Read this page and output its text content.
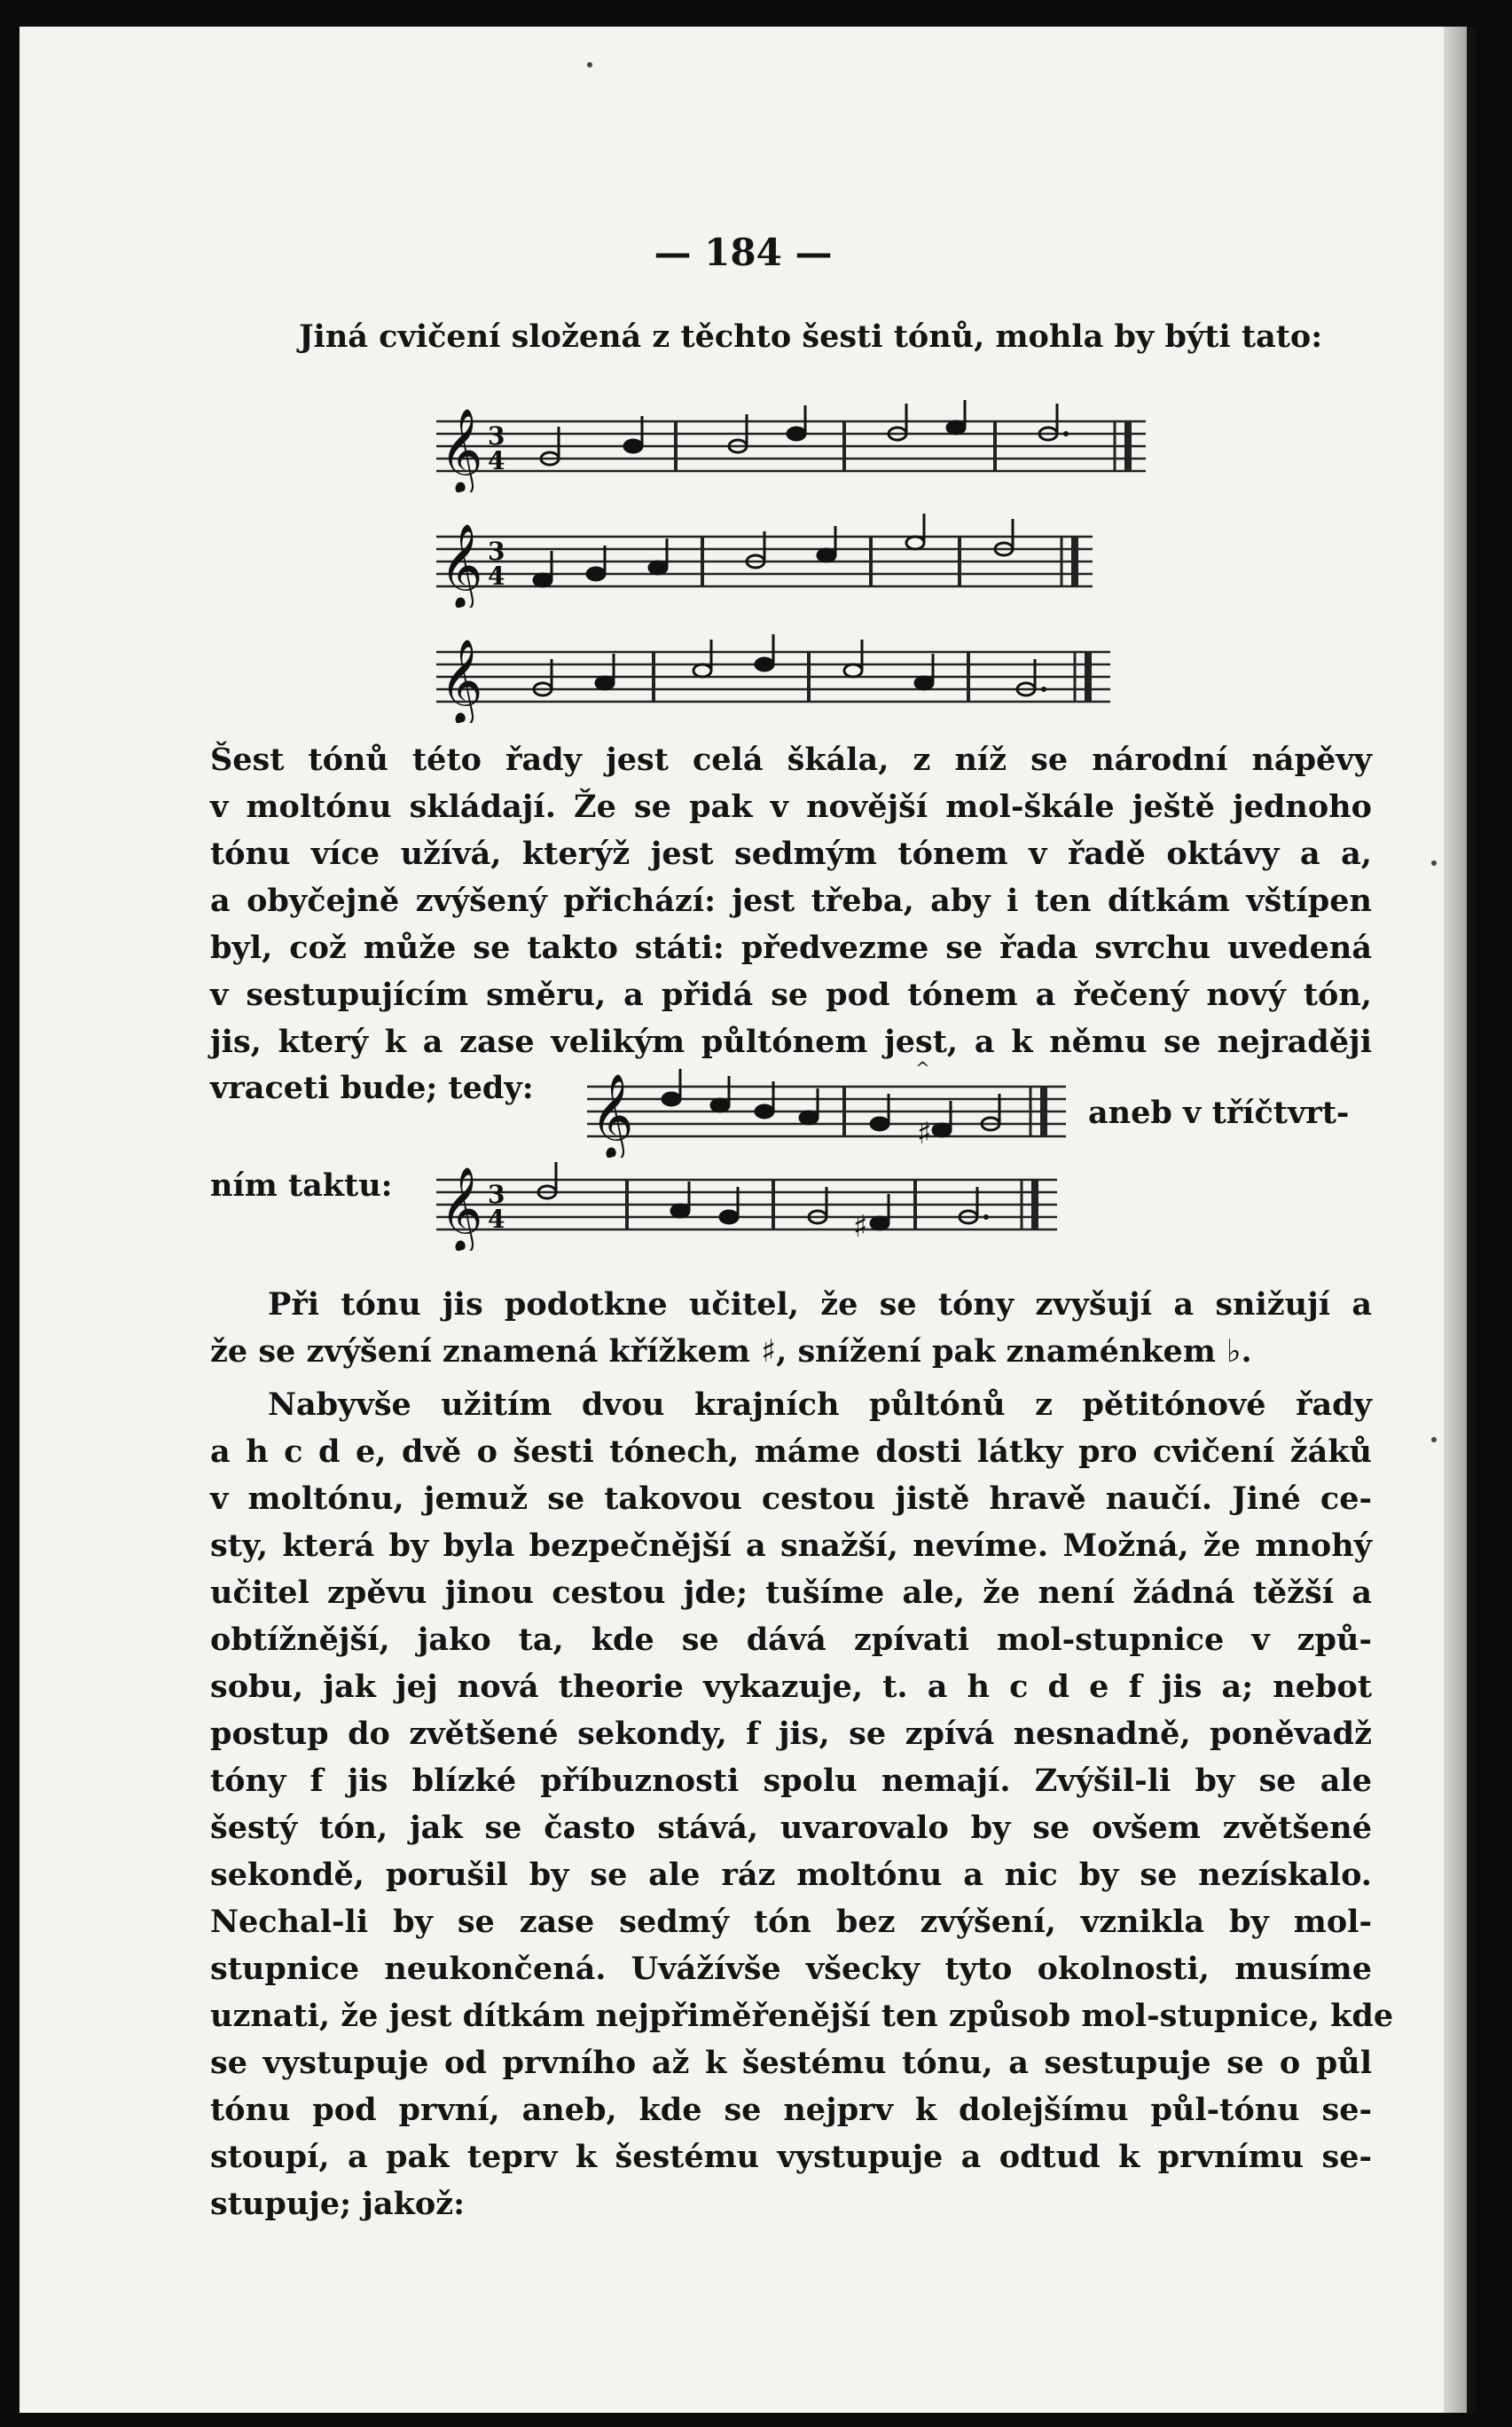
— 184 —
Jiná cvičení složená z těchto šesti tónů, mohla by býti tato:
𝄞 3
4
𝄞 3
4
𝄞
Šest tónů této řady jest celá škála, z níž se národní nápěvy
v moltónu skládají. Že se pak v novější mol-škále ještě jednoho
tónu více užívá, kterýž jest sedmým tónem v řadě oktávy a a,
a obyčejně zvýšený přichází: jest třeba, aby i ten dítkám vštípen
byl, což může se takto státi: předvezme se řada svrchu uvedená
v sestupujícím směru, a přidá se pod tónem a řečený nový tón,
jis, který k a zase velikým půltónem jest, a k němu se nejraději
vraceti bude; tedy:
aneb v tříčtvrt-
ním taktu:
𝄞	♯
^
𝄞 3
4	♯
Při tónu jis podotkne učitel, že se tóny zvyšují a snižují a
že se zvýšení znamená křížkem ♯, snížení pak znaménkem ♭.
Nabyvše užitím dvou krajních půltónů z pětitónové řady
a h c d e, dvě o šesti tónech, máme dosti látky pro cvičení žáků
v moltónu, jemuž se takovou cestou jistě hravě naučí. Jiné ce-
sty, která by byla bezpečnější a snažší, nevíme. Možná, že mnohý
učitel zpěvu jinou cestou jde; tušíme ale, že není žádná těžší a
obtížnější, jako ta, kde se dává zpívati mol-stupnice v způ-
sobu, jak jej nová theorie vykazuje, t. a h c d e f jis a; nebot
postup do zvětšené sekondy, f jis, se zpívá nesnadně, poněvadž
tóny f jis blízké příbuznosti spolu nemají. Zvýšil-li by se ale
šestý tón, jak se často stává, uvarovalo by se ovšem zvětšené
sekondě, porušil by se ale ráz moltónu a nic by se nezískalo.
Nechal-li by se zase sedmý tón bez zvýšení, vznikla by mol-
stupnice neukončená. Uvážívše všecky tyto okolnosti, musíme
uznati, že jest dítkám nejpřiměřenější ten způsob mol-stupnice, kde
se vystupuje od prvního až k šestému tónu, a sestupuje se o půl
tónu pod první, aneb, kde se nejprv k dolejšímu půl-tónu se-
stoupí, a pak teprv k šestému vystupuje a odtud k prvnímu se-
stupuje; jakož:
